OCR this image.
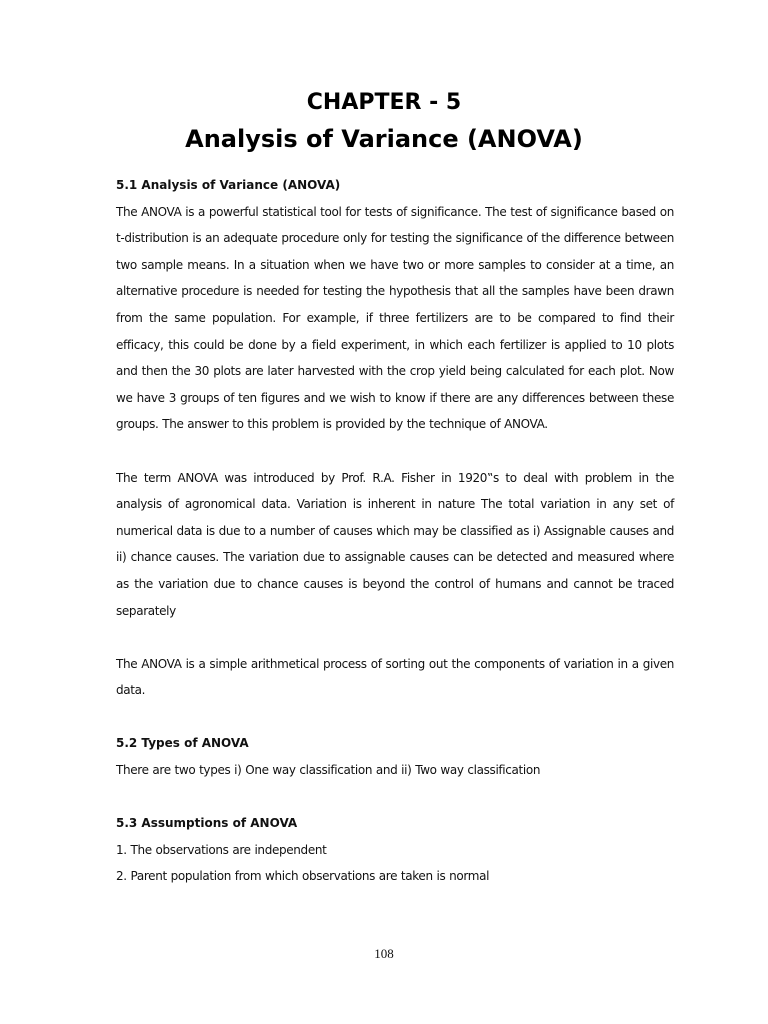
CHAPTER - 5
Analysis of Variance (ANOVA)

5.1 Analysis of Variance (ANOVA)

The ANOVA is a powerful statistical tool for tests of significance. The test of significance based on t-distribution is an adequate procedure only for testing the significance of the difference between two sample means. In a situation when we have two or more samples to consider at a time, an alternative procedure is needed for testing the hypothesis that all the samples have been drawn from the same population. For example, if three fertilizers are to be compared to find their efficacy, this could be done by a field experiment, in which each fertilizer is applied to 10 plots and then the 30 plots are later harvested with the crop yield being calculated for each plot. Now we have 3 groups of ten figures and we wish to know if there are any differences between these groups. The answer to this problem is provided by the technique of ANOVA.

The term ANOVA was introduced by Prof. R.A. Fisher in 1920‟s to deal with problem in the analysis of agronomical data. Variation is inherent in nature The total variation in any set of numerical data is due to a number of causes which may be classified as i) Assignable causes and ii) chance causes. The variation due to assignable causes can be detected and measured where as the variation due to chance causes is beyond the control of humans and cannot be traced separately

The ANOVA is a simple arithmetical process of sorting out the components of variation in a given data.

5.2 Types of ANOVA

There are two types i) One way classification and ii) Two way classification

5.3 Assumptions of ANOVA

1. The observations are independent

2. Parent population from which observations are taken is normal

108
